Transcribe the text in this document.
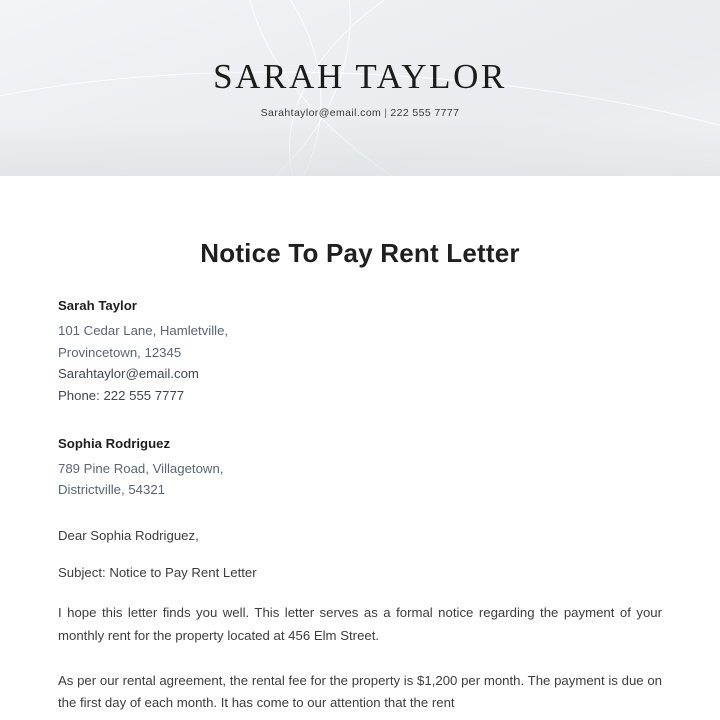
SARAH TAYLOR
Sarahtaylor@email.com | 222 555 7777
Notice To Pay Rent Letter
Sarah Taylor
101 Cedar Lane, Hamletville,
Provincetown, 12345
Sarahtaylor@email.com
Phone: 222 555 7777
Sophia Rodriguez
789 Pine Road, Villagetown,
Districtville, 54321
Dear Sophia Rodriguez,
Subject: Notice to Pay Rent Letter
I hope this letter finds you well. This letter serves as a formal notice regarding the payment of your monthly rent for the property located at 456 Elm Street.
As per our rental agreement, the rental fee for the property is $1,200 per month. The payment is due on the first day of each month. It has come to our attention that the rent
